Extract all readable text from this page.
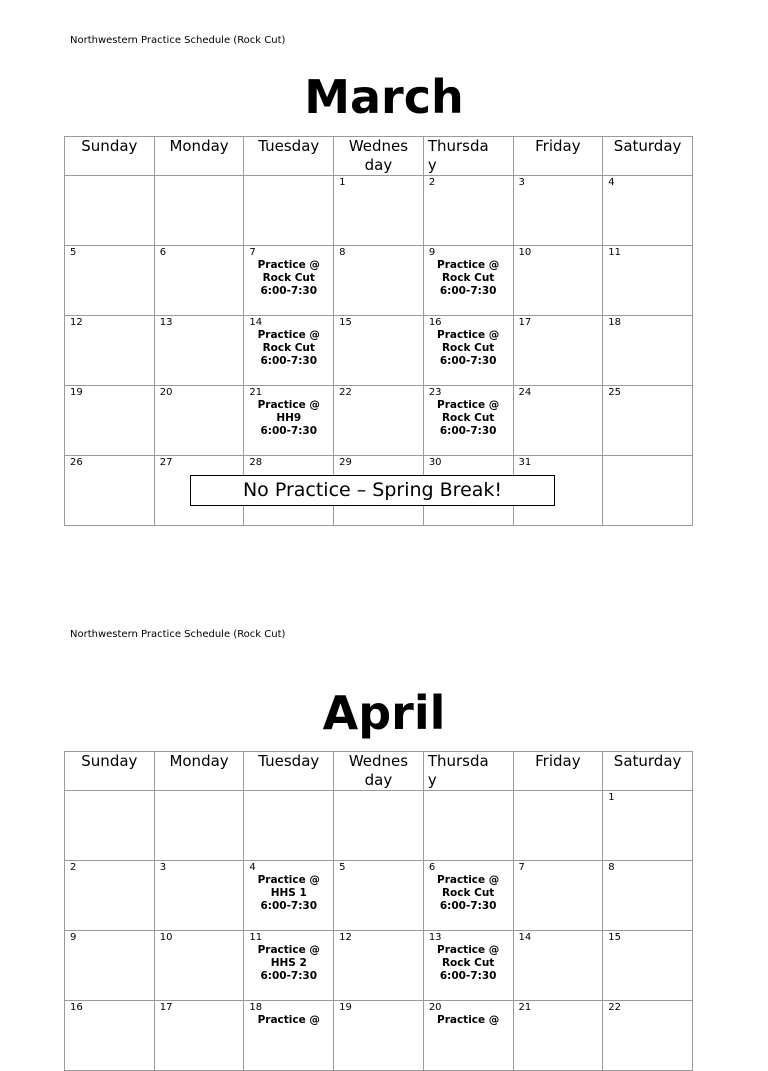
Northwestern Practice Schedule (Rock Cut)
March
Sunday	Monday	Tuesday	Wednes
day	Thursda
y	Friday	Saturday

			1	2	3	4

5	6	7
Practice @
Rock Cut
6:00-7:30	8	9
Practice @
Rock Cut
6:00-7:30	10	11

12	13	14
Practice @
Rock Cut
6:00-7:30	15	16
Practice @
Rock Cut
6:00-7:30	17	18

19	20	21
Practice @
HH9
6:00-7:30	22	23
Practice @
Rock Cut
6:00-7:30	24	25

26	27	28	29	30	31	

No Practice – Spring Break!
Northwestern Practice Schedule (Rock Cut)
April
Sunday	Monday	Tuesday	Wednes
day	Thursda
y	Friday	Saturday

						1

2	3	4
Practice @
HHS 1
6:00-7:30	5	6
Practice @
Rock Cut
6:00-7:30	7	8

9	10	11
Practice @
HHS 2
6:00-7:30	12	13
Practice @
Rock Cut
6:00-7:30	14	15

16	17	18
Practice @	19	20
Practice @	21	22
